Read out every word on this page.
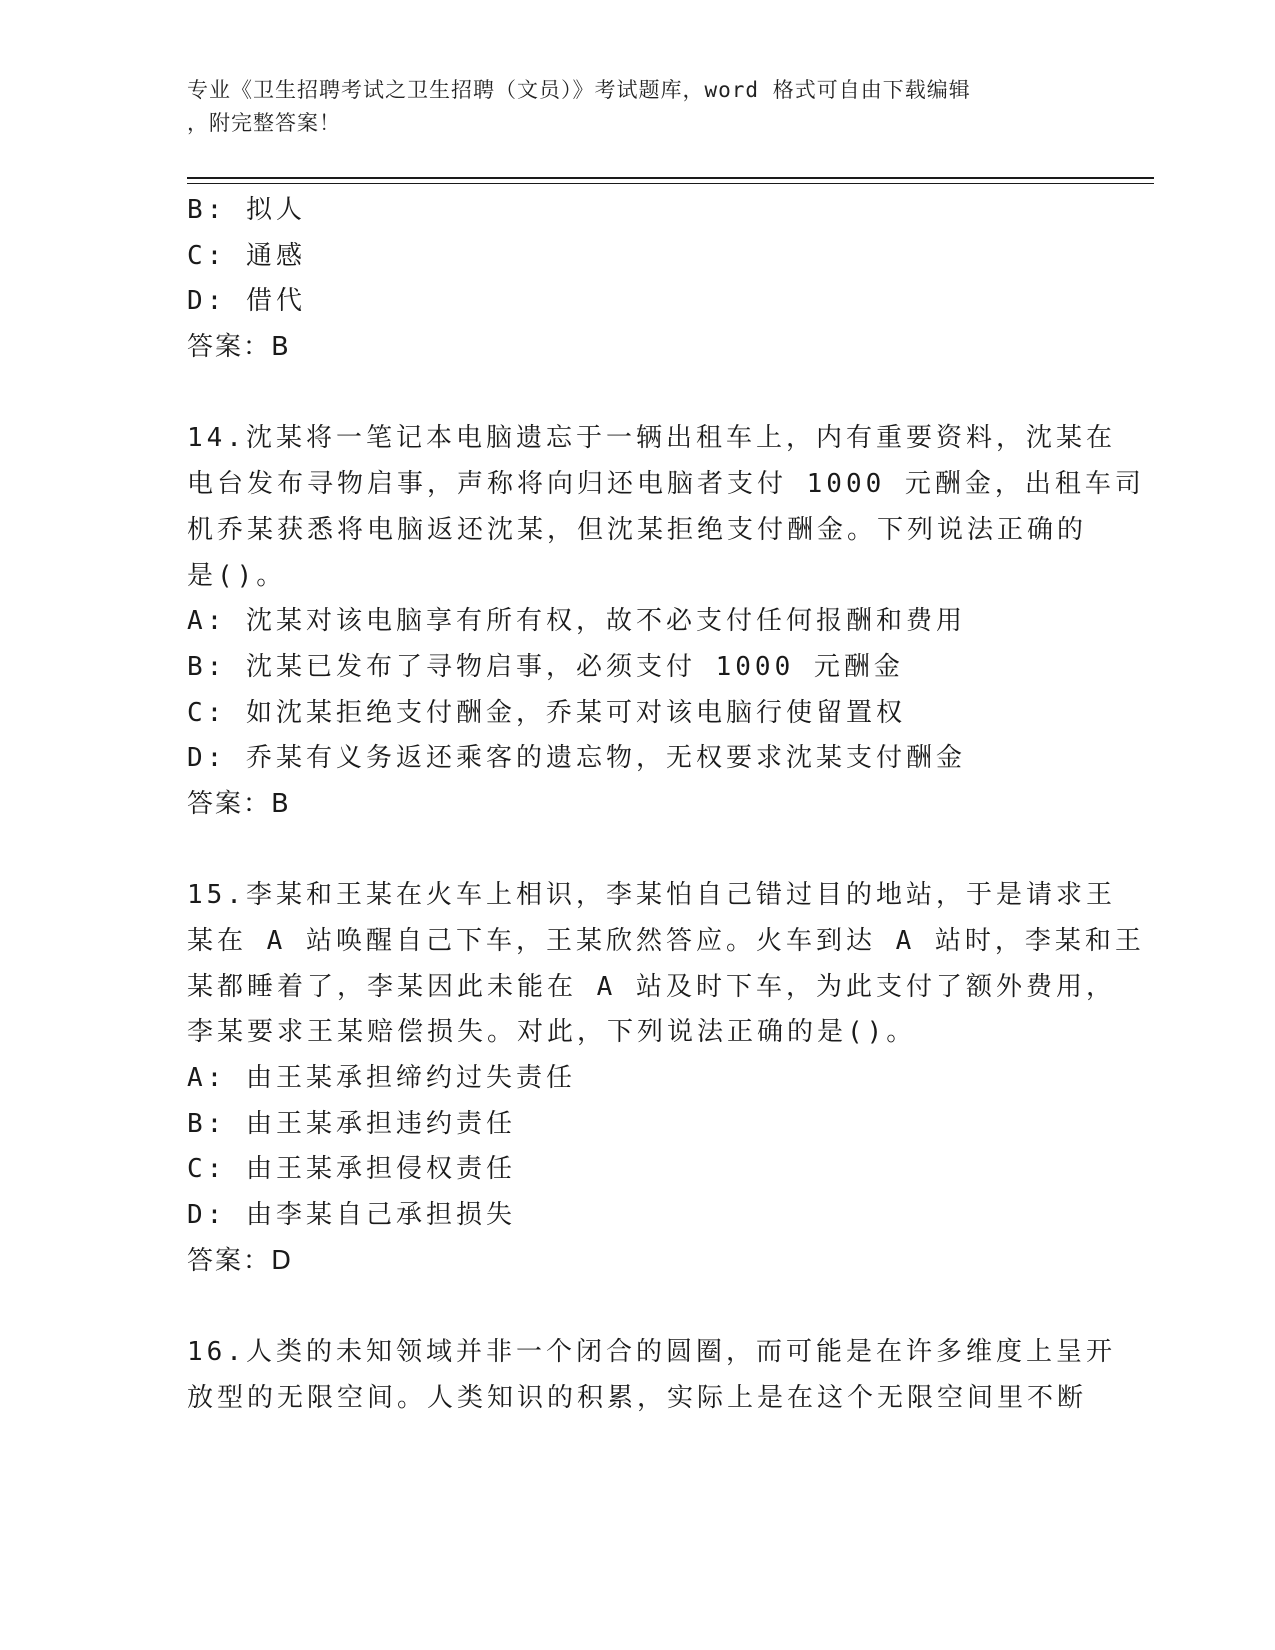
专业《卫生招聘考试之卫生招聘（文员）》考试题库，word 格式可自由下载编辑
，附完整答案！
B: 拟人
C: 通感
D: 借代
答案：B
14.沈某将一笔记本电脑遗忘于一辆出租车上，内有重要资料，沈某在
电台发布寻物启事，声称将向归还电脑者支付 1000 元酬金，出租车司
机乔某获悉将电脑返还沈某，但沈某拒绝支付酬金。下列说法正确的
是()。
A: 沈某对该电脑享有所有权，故不必支付任何报酬和费用
B: 沈某已发布了寻物启事，必须支付 1000 元酬金
C: 如沈某拒绝支付酬金，乔某可对该电脑行使留置权
D: 乔某有义务返还乘客的遗忘物，无权要求沈某支付酬金
答案：B
15.李某和王某在火车上相识，李某怕自己错过目的地站，于是请求王
某在 A 站唤醒自己下车，王某欣然答应。火车到达 A 站时，李某和王
某都睡着了，李某因此未能在 A 站及时下车，为此支付了额外费用，
李某要求王某赔偿损失。对此，下列说法正确的是()。
A: 由王某承担缔约过失责任
B: 由王某承担违约责任
C: 由王某承担侵权责任
D: 由李某自己承担损失
答案：D
16.人类的未知领域并非一个闭合的圆圈，而可能是在许多维度上呈开
放型的无限空间。人类知识的积累，实际上是在这个无限空间里不断
